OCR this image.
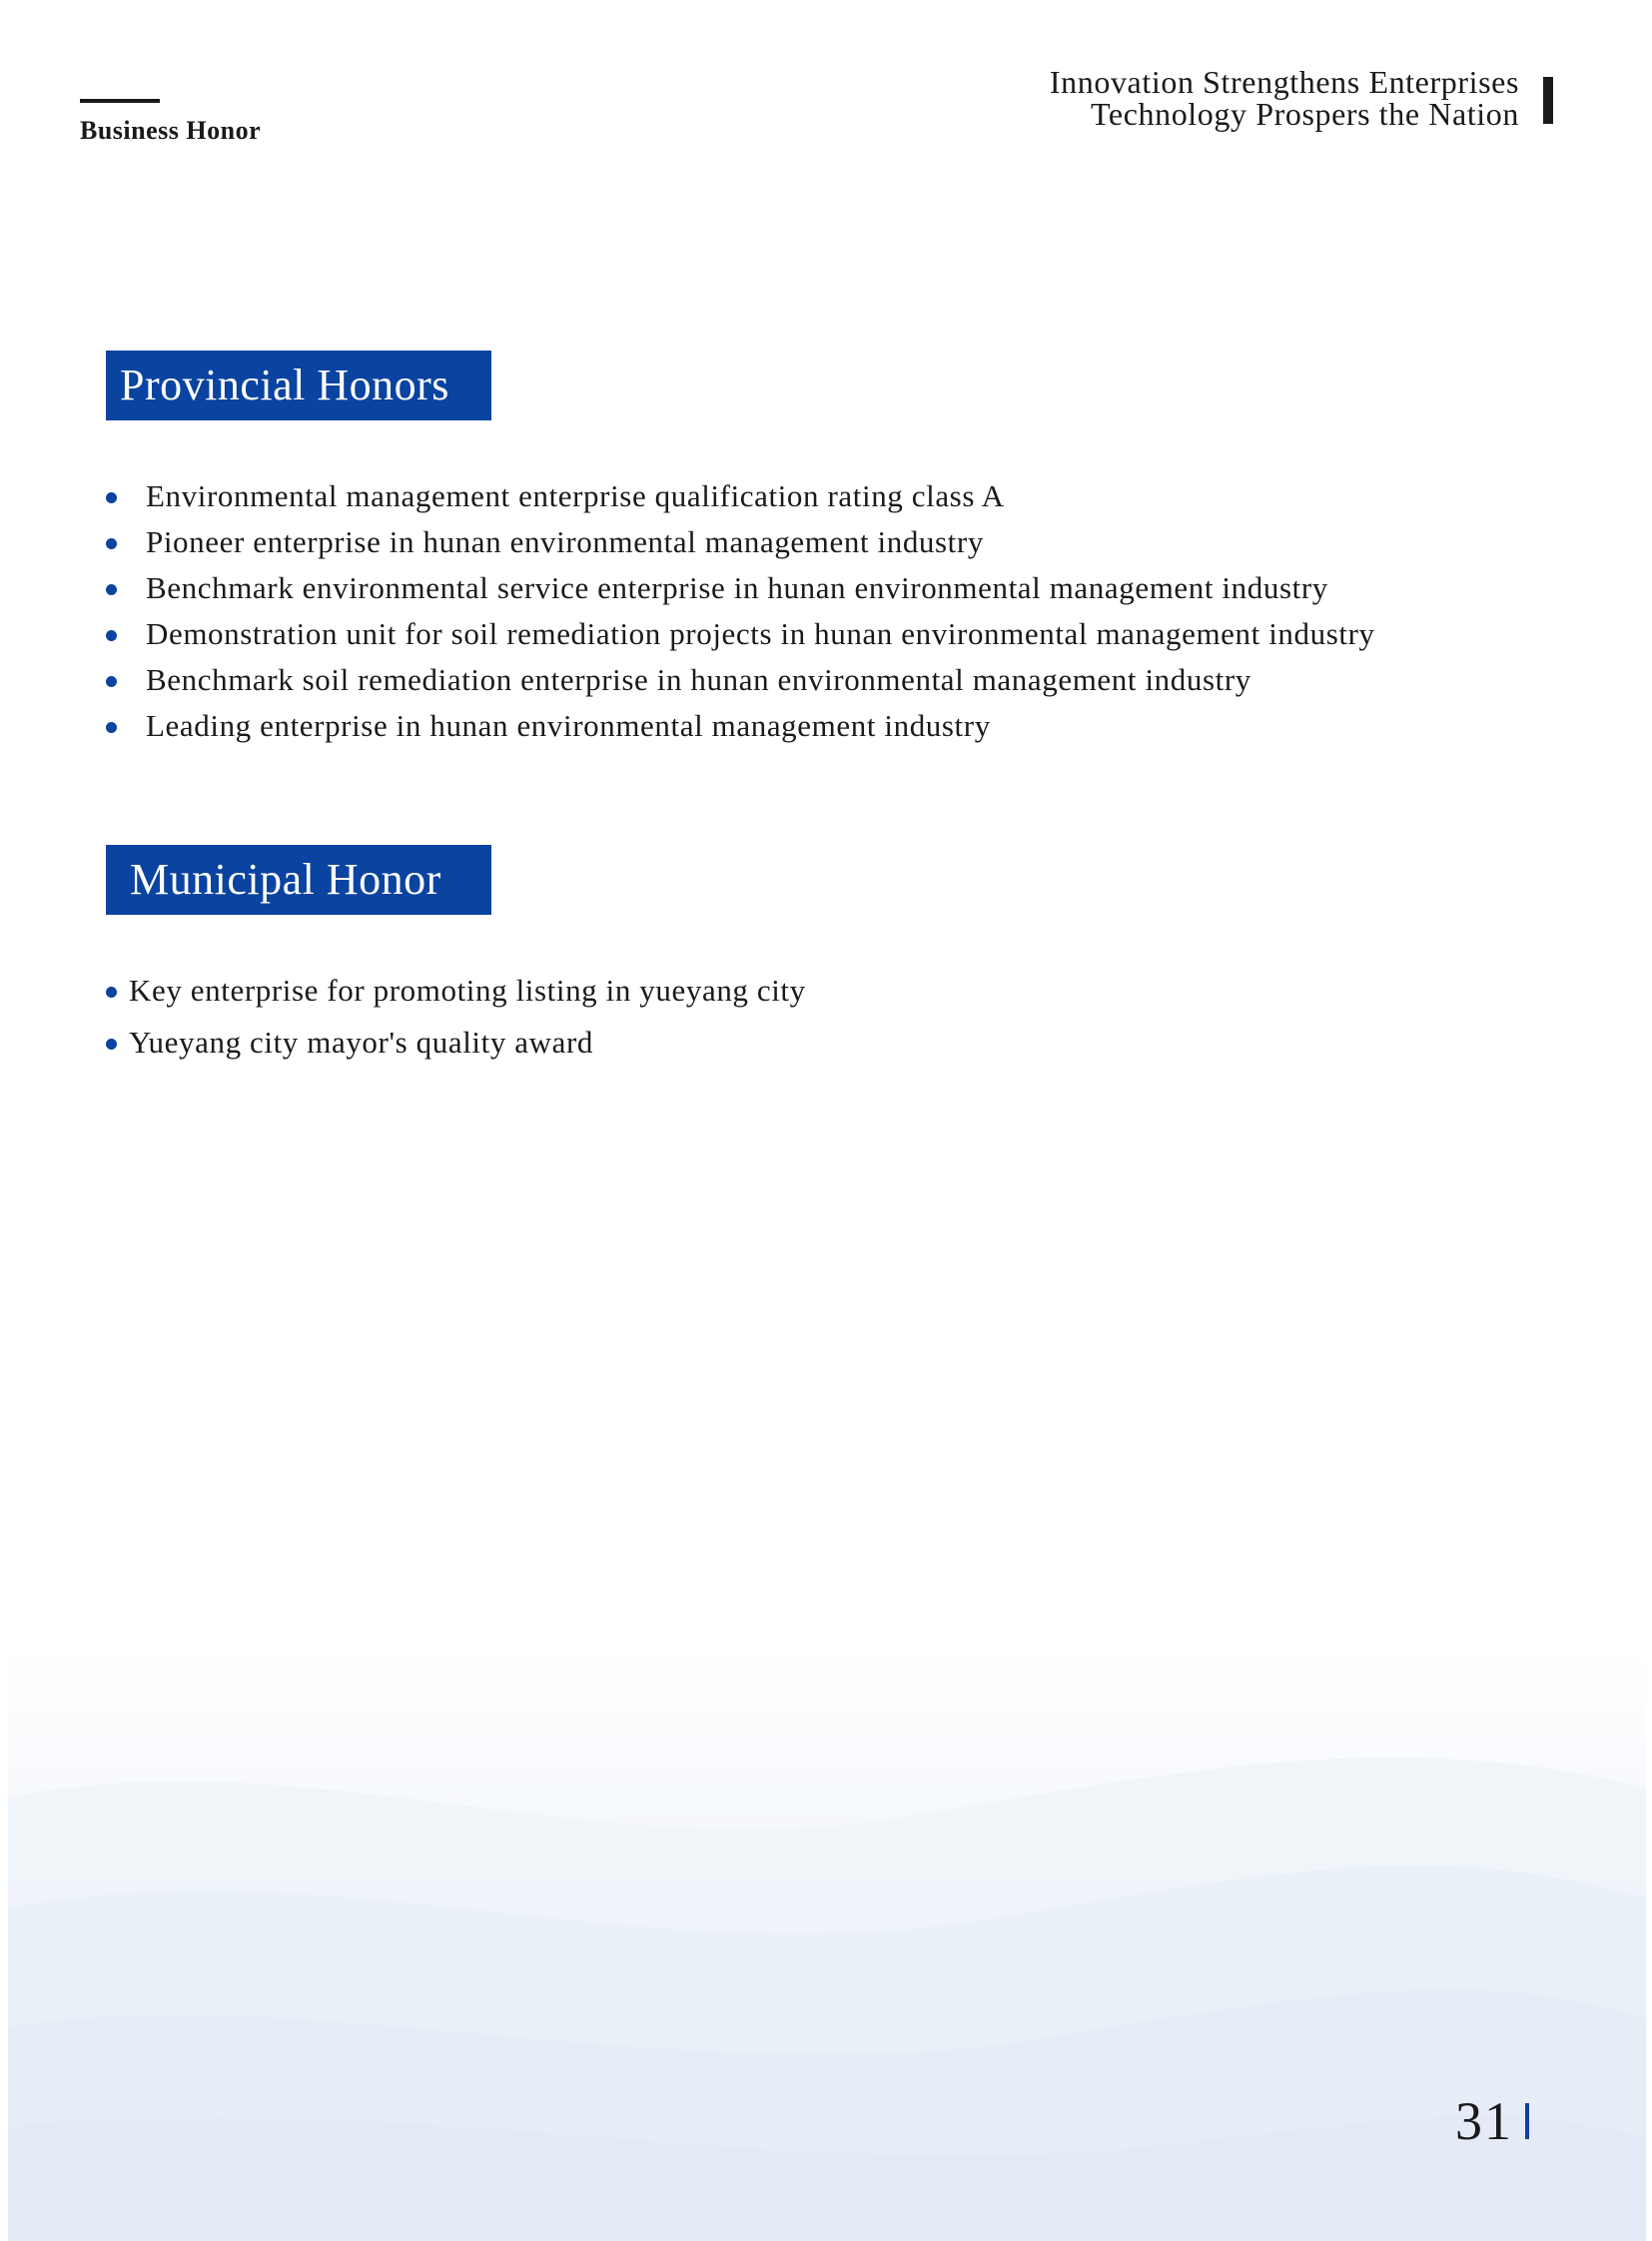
Business Honor
Innovation Strengthens Enterprises
Technology Prospers the Nation
Provincial Honors
Environmental management enterprise qualification rating class A
Pioneer enterprise in hunan environmental management industry
Benchmark environmental service enterprise in hunan environmental management industry
Demonstration unit for soil remediation projects in hunan environmental management industry
Benchmark soil remediation enterprise in hunan environmental management industry
Leading enterprise in hunan environmental management industry
Municipal Honor
Key enterprise for promoting listing in yueyang city
Yueyang city mayor's quality award
31
